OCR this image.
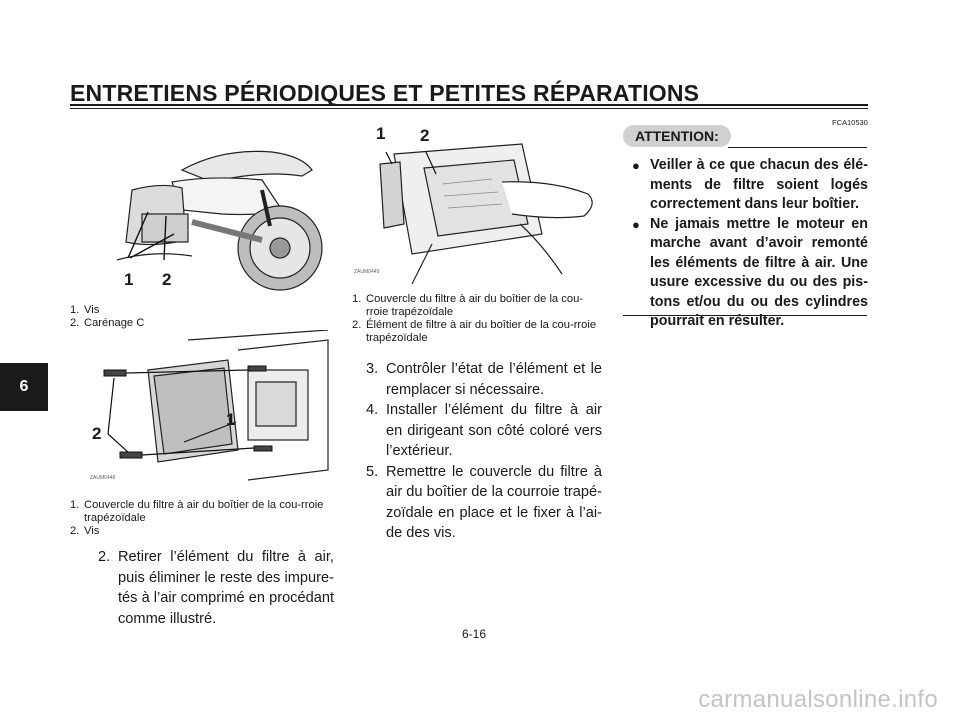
ENTRETIENS PÉRIODIQUES ET PETITES RÉPARATIONS
6
1 2
1. Vis
2. Carénage C
2
1
ZAUM0448
1. Couvercle du filtre à air du boîtier de la cou-rroie trapézoïdale
2. Vis
2. Retirer l’élément du filtre à air, puis éliminer le reste des impure-tés à l’air comprimé en procédant comme illustré.
1 2
ZAUM0449
1. Couvercle du filtre à air du boîtier de la cou-rroie trapézoïdale
2. Élément de filtre à air du boîtier de la cou-rroie trapézoïdale
3. Contrôler l’état de l’élément et le remplacer si nécessaire.
4. Installer l’élément du filtre à air en dirigeant son côté coloré vers l’extérieur.
5. Remettre le couvercle du filtre à air du boîtier de la courroie trapé-zoïdale en place et le fixer à l’ai-de des vis.
FCA10530
ATTENTION:
● Veiller à ce que chacun des élé-ments de filtre soient logés correctement dans leur boîtier.
● Ne jamais mettre le moteur en marche avant d’avoir remonté les éléments de filtre à air. Une usure excessive du ou des pis-tons et/ou du ou des cylindres pourrait en résulter.
6-16
carmanualsonline.info
